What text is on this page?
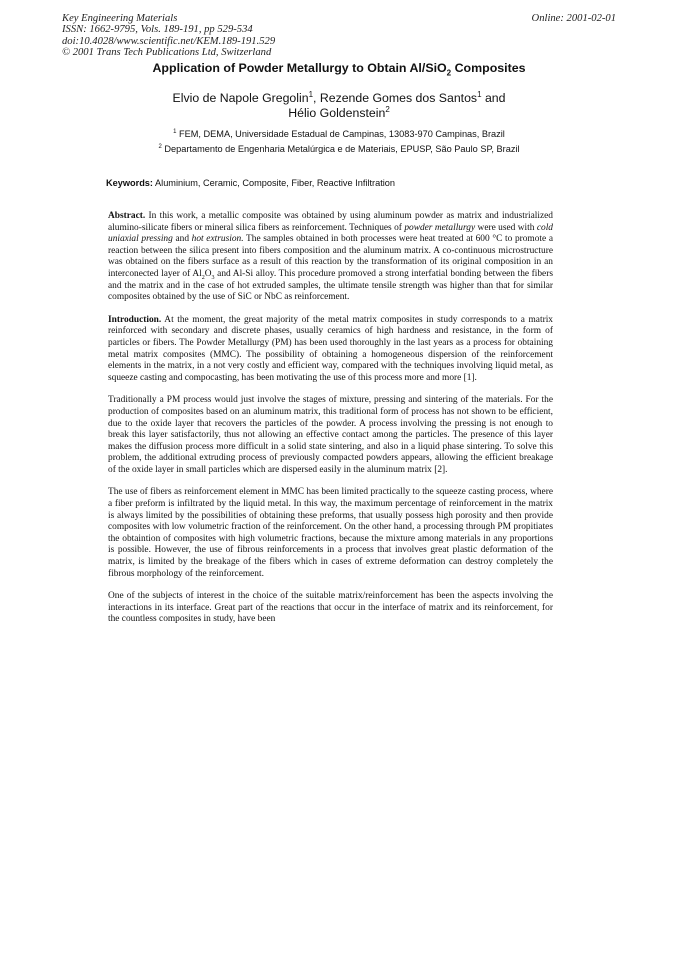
Key Engineering Materials
ISSN: 1662-9795, Vols. 189-191, pp 529-534
doi:10.4028/www.scientific.net/KEM.189-191.529
© 2001 Trans Tech Publications Ltd, Switzerland
Online: 2001-02-01
Application of Powder Metallurgy to Obtain Al/SiO$_2$ Composites
Elvio de Napole Gregolin$^1$, Rezende Gomes dos Santos$^1$ and
Hélio Goldenstein$^2$
$^1$ FEM, DEMA, Universidade Estadual de Campinas, 13083-970 Campinas, Brazil
$^2$ Departamento de Engenharia Metalúrgica e de Materiais, EPUSP, São Paulo SP, Brazil
Keywords: Aluminium, Ceramic, Composite, Fiber, Reactive Infiltration

Abstract. In this work, a metallic composite was obtained by using aluminum powder as matrix and industrialized alumino-silicate fibers or mineral silica fibers as reinforcement. Techniques of powder metallurgy were used with cold uniaxial pressing and hot extrusion. The samples obtained in both processes were heat treated at 600 °C to promote a reaction between the silica present into fibers composition and the aluminum matrix. A co-continuous microstructure was obtained on the fibers surface as a result of this reaction by the transformation of its original composition in an interconected layer of $Al_2O_3$ and Al-Si alloy. This procedure promoved a strong interfatial bonding between the fibers and the matrix and in the case of hot extruded samples, the ultimate tensile strength was higher than that for similar composites obtained by the use of SiC or NbC as reinforcement.

Introduction. At the moment, the great majority of the metal matrix composites in study corresponds to a matrix reinforced with secondary and discrete phases, usually ceramics of high hardness and resistance, in the form of particles or fibers. The Powder Metallurgy (PM) has been used thoroughly in the last years as a process for obtaining metal matrix composites (MMC). The possibility of obtaining a homogeneous dispersion of the reinforcement elements in the matrix, in a not very costly and efficient way, compared with the techniques involving liquid metal, as squeeze casting and compocasting, has been motivating the use of this process more and more [1].

Traditionally a PM process would just involve the stages of mixture, pressing and sintering of the materials. For the production of composites based on an aluminum matrix, this traditional form of process has not shown to be efficient, due to the oxide layer that recovers the particles of the powder. A process involving the pressing is not enough to break this layer satisfactorily, thus not allowing an effective contact among the particles. The presence of this layer makes the diffusion process more difficult in a solid state sintering, and also in a liquid phase sintering. To solve this problem, the additional extruding process of previously compacted powders appears, allowing the efficient breakage of the oxide layer in small particles which are dispersed easily in the aluminum matrix [2].

The use of fibers as reinforcement element in MMC has been limited practically to the squeeze casting process, where a fiber preform is infiltrated by the liquid metal. In this way, the maximum percentage of reinforcement in the matrix is always limited by the possibilities of obtaining these preforms, that usually possess high porosity and then provide composites with low volumetric fraction of the reinforcement. On the other hand, a processing through PM propitiates the obtaintion of composites with high volumetric fractions, because the mixture among materials in any proportions is possible. However, the use of fibrous reinforcements in a process that involves great plastic deformation of the matrix, is limited by the breakage of the fibers which in cases of extreme deformation can destroy completely the fibrous morphology of the reinforcement.

One of the subjects of interest in the choice of the suitable matrix/reinforcement has been the aspects involving the interactions in its interface. Great part of the reactions that occur in the interface of matrix and its reinforcement, for the countless composites in study, have been
